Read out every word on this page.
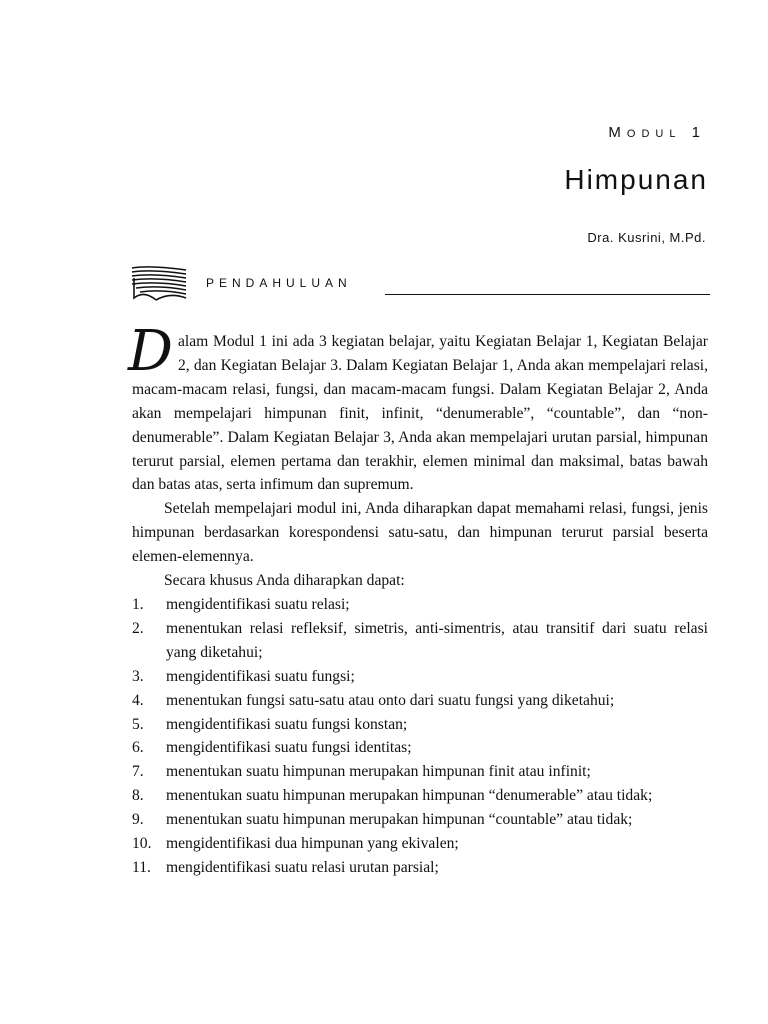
Modul 1
Himpunan
Dra. Kusrini, M.Pd.
PENDAHULUAN

Dalam Modul 1 ini ada 3 kegiatan belajar, yaitu Kegiatan Belajar 1, Kegiatan Belajar 2, dan Kegiatan Belajar 3. Dalam Kegiatan Belajar 1, Anda akan mempelajari relasi, macam-macam relasi, fungsi, dan macam-macam fungsi. Dalam Kegiatan Belajar 2, Anda akan mempelajari himpunan finit, infinit, “denumerable”, “countable”, dan “non-denumerable”. Dalam Kegiatan Belajar 3, Anda akan mempelajari urutan parsial, himpunan terurut parsial, elemen pertama dan terakhir, elemen minimal dan maksimal, batas bawah dan batas atas, serta infimum dan supremum.

Setelah mempelajari modul ini, Anda diharapkan dapat memahami relasi, fungsi, jenis himpunan berdasarkan korespondensi satu-satu, dan himpunan terurut parsial beserta elemen-elemennya.

Secara khusus Anda diharapkan dapat:

1.	mengidentifikasi suatu relasi;
2.	menentukan relasi refleksif, simetris, anti-simentris, atau transitif dari suatu relasi yang diketahui;
3.	mengidentifikasi suatu fungsi;
4.	menentukan fungsi satu-satu atau onto dari suatu fungsi yang diketahui;
5.	mengidentifikasi suatu fungsi konstan;
6.	mengidentifikasi suatu fungsi identitas;
7.	menentukan suatu himpunan merupakan himpunan finit atau infinit;
8.	menentukan suatu himpunan merupakan himpunan “denumerable” atau tidak;
9.	menentukan suatu himpunan merupakan himpunan “countable” atau tidak;
10. mengidentifikasi dua himpunan yang ekivalen;
11. mengidentifikasi suatu relasi urutan parsial;
